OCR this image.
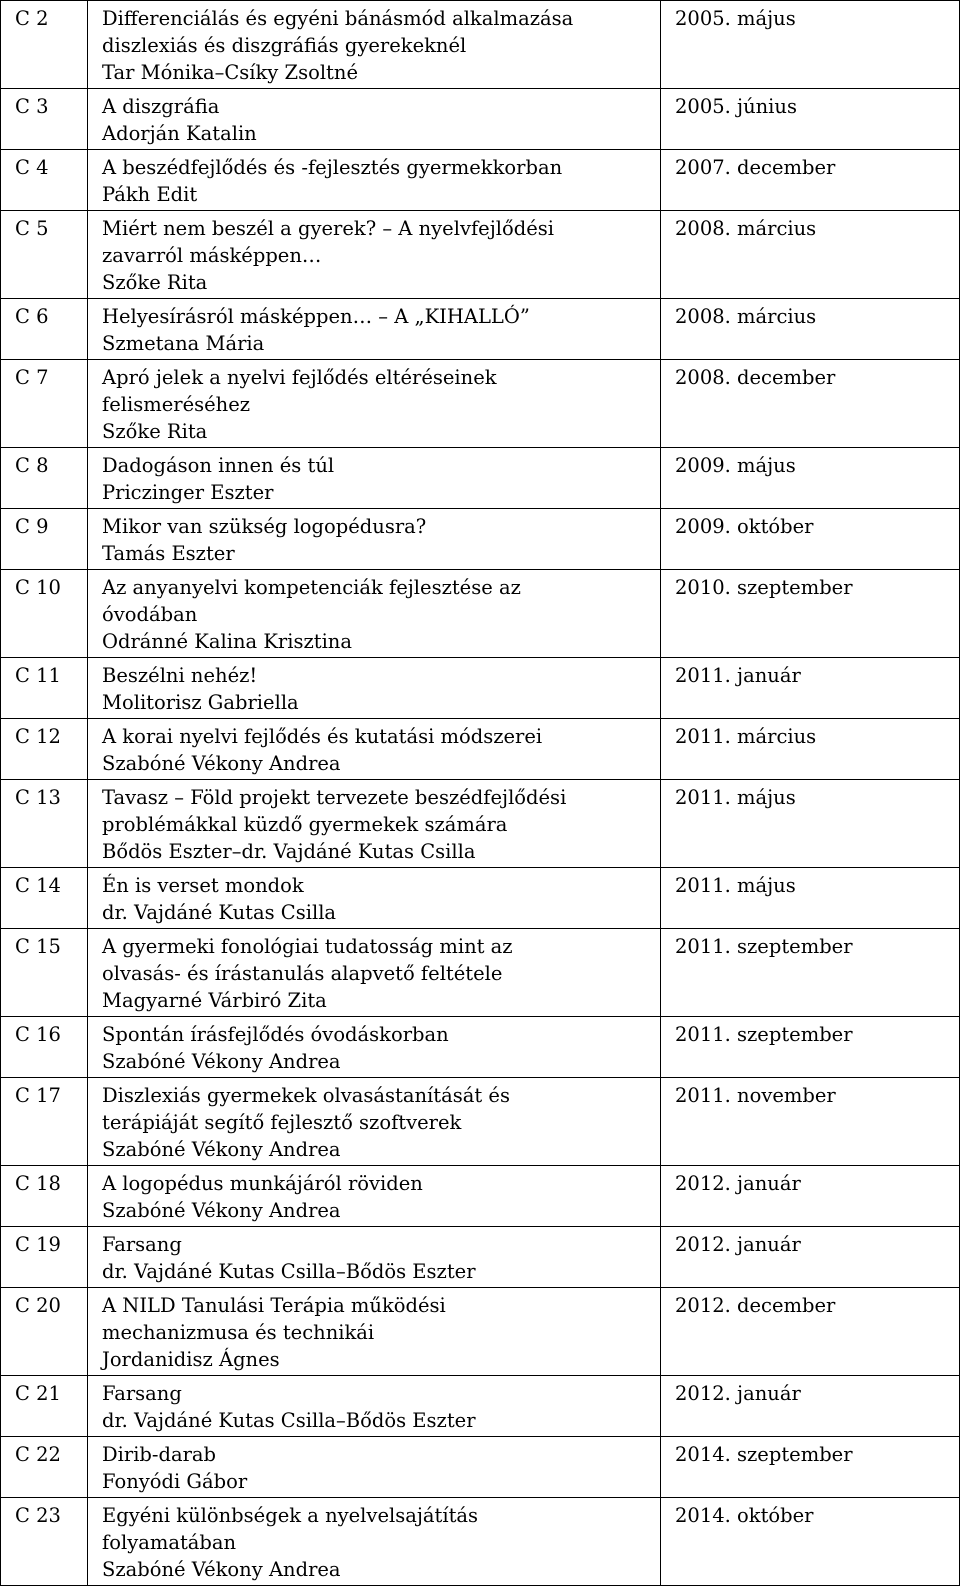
C 2	Differenciálás és egyéni bánásmód alkalmazása
diszlexiás és diszgráfiás gyerekeknél
Tar Mónika–Csíky Zsoltné	2005. május
C 3	A diszgráfia
Adorján Katalin	2005. június
C 4	A beszédfejlődés és -fejlesztés gyermekkorban
Pákh Edit	2007. december
C 5	Miért nem beszél a gyerek? – A nyelvfejlődési
zavarról másképpen…
Szőke Rita	2008. március
C 6	Helyesírásról másképpen… – A „KIHALLÓ”
Szmetana Mária	2008. március
C 7	Apró jelek a nyelvi fejlődés eltéréseinek
felismeréséhez
Szőke Rita	2008. december
C 8	Dadogáson innen és túl
Priczinger Eszter	2009. május
C 9	Mikor van szükség logopédusra?
Tamás Eszter	2009. október
C 10	Az anyanyelvi kompetenciák fejlesztése az
óvodában
Odránné Kalina Krisztina	2010. szeptember
C 11	Beszélni nehéz!
Molitorisz Gabriella	2011. január
C 12	A korai nyelvi fejlődés és kutatási módszerei
Szabóné Vékony Andrea	2011. március
C 13	Tavasz – Föld projekt tervezete beszédfejlődési
problémákkal küzdő gyermekek számára
Bődös Eszter–dr. Vajdáné Kutas Csilla	2011. május
C 14	Én is verset mondok
dr. Vajdáné Kutas Csilla	2011. május
C 15	A gyermeki fonológiai tudatosság mint az
olvasás- és írástanulás alapvető feltétele
Magyarné Várbiró Zita	2011. szeptember
C 16	Spontán írásfejlődés óvodáskorban
Szabóné Vékony Andrea	2011. szeptember
C 17	Diszlexiás gyermekek olvasástanítását és
terápiáját segítő fejlesztő szoftverek
Szabóné Vékony Andrea	2011. november
C 18	A logopédus munkájáról röviden
Szabóné Vékony Andrea	2012. január
C 19	Farsang
dr. Vajdáné Kutas Csilla–Bődös Eszter	2012. január
C 20	A NILD Tanulási Terápia működési
mechanizmusa és technikái
Jordanidisz Ágnes	2012. december
C 21	Farsang
dr. Vajdáné Kutas Csilla–Bődös Eszter	2012. január
C 22	Dirib-darab
Fonyódi Gábor	2014. szeptember
C 23	Egyéni különbségek a nyelvelsajátítás
folyamatában
Szabóné Vékony Andrea	2014. október
